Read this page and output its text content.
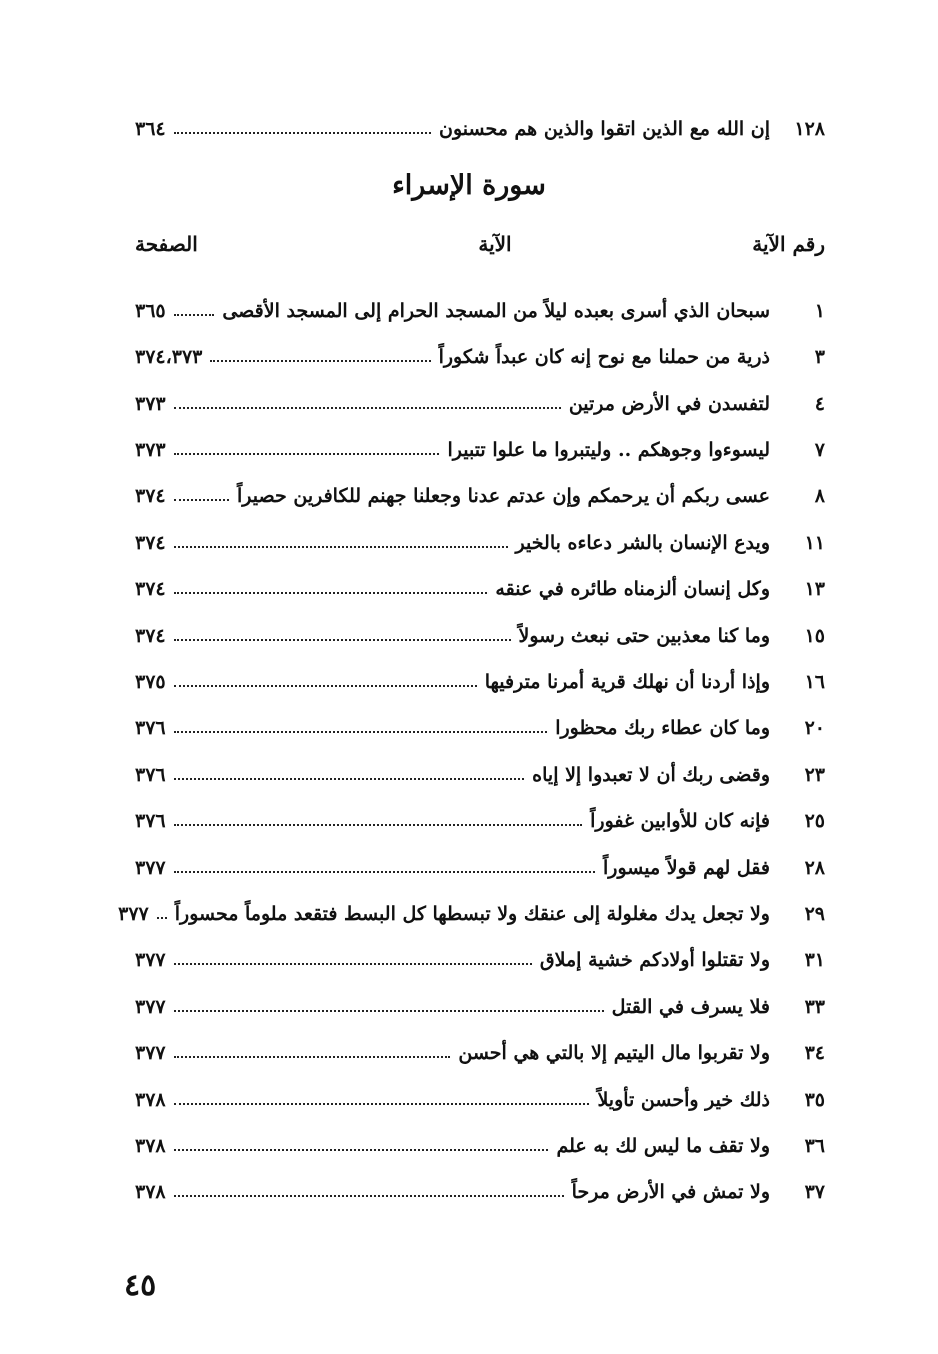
١٢٨
إن الله مع الذين اتقوا والذين هم محسنون
٣٦٤
سورة الإسراء
رقم الآية
الآية
الصفحة
١
سبحان الذي أسرى بعبده ليلاً من المسجد الحرام إلى المسجد الأقصى
٣٦٥
٣
ذرية من حملنا مع نوح إنه كان عبداً شكوراً
٣٧٤،٣٧٣
٤
لتفسدن في الأرض مرتين
٣٧٣
٧
ليسوءوا وجوهكم .. وليتبروا ما علوا تتبيرا
٣٧٣
٨
عسى ربكم أن يرحمكم وإن عدتم عدنا وجعلنا جهنم للكافرين حصيراً
٣٧٤
١١
ويدع الإنسان بالشر دعاءه بالخير
٣٧٤
١٣
وكل إنسان ألزمناه طائره في عنقه
٣٧٤
١٥
وما كنا معذبين حتى نبعث رسولاً
٣٧٤
١٦
وإذا أردنا أن نهلك قرية أمرنا مترفيها
٣٧٥
٢٠
وما كان عطاء ربك محظورا
٣٧٦
٢٣
وقضى ربك أن لا تعبدوا إلا إياه
٣٧٦
٢٥
فإنه كان للأوابين غفوراً
٣٧٦
٢٨
فقل لهم قولاً ميسوراً
٣٧٧
٢٩
ولا تجعل يدك مغلولة إلى عنقك ولا تبسطها كل البسط فتقعد ملوماً محسوراً
٣٧٧
٣١
ولا تقتلوا أولادكم خشية إملاق
٣٧٧
٣٣
فلا يسرف في القتل
٣٧٧
٣٤
ولا تقربوا مال اليتيم إلا بالتي هي أحسن
٣٧٧
٣٥
ذلك خير وأحسن تأويلاً
٣٧٨
٣٦
ولا تقف ما ليس لك به علم
٣٧٨
٣٧
ولا تمش في الأرض مرحاً
٣٧٨
٤٥
